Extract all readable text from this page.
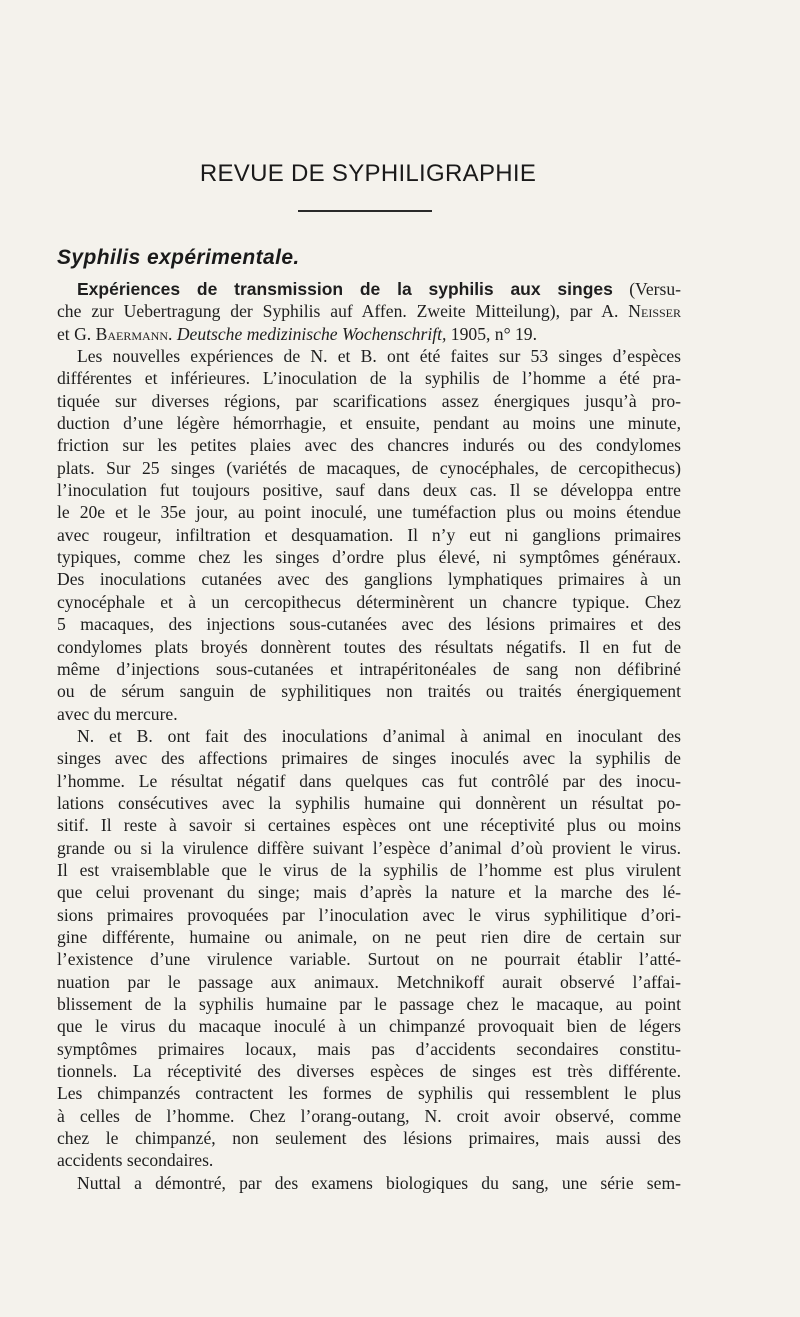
REVUE DE SYPHILIGRAPHIE
Syphilis expérimentale.
Expériences de transmission de la syphilis aux singes (Versu-
che zur Uebertragung der Syphilis auf Affen. Zweite Mitteilung), par A. Neisser
et G. Baermann. Deutsche medizinische Wochenschrift, 1905, n° 19.
Les nouvelles expériences de N. et B. ont été faites sur 53 singes d’espèces
différentes et inférieures. L’inoculation de la syphilis de l’homme a été pra-
tiquée sur diverses régions, par scarifications assez énergiques jusqu’à pro-
duction d’une légère hémorrhagie, et ensuite, pendant au moins une minute,
friction sur les petites plaies avec des chancres indurés ou des condylomes
plats. Sur 25 singes (variétés de macaques, de cynocéphales, de cercopithecus)
l’inoculation fut toujours positive, sauf dans deux cas. Il se développa entre
le 20e et le 35e jour, au point inoculé, une tuméfaction plus ou moins étendue
avec rougeur, infiltration et desquamation. Il n’y eut ni ganglions primaires
typiques, comme chez les singes d’ordre plus élevé, ni symptômes généraux.
Des inoculations cutanées avec des ganglions lymphatiques primaires à un
cynocéphale et à un cercopithecus déterminèrent un chancre typique. Chez
5 macaques, des injections sous-cutanées avec des lésions primaires et des
condylomes plats broyés donnèrent toutes des résultats négatifs. Il en fut de
même d’injections sous-cutanées et intrapéritonéales de sang non défibriné
ou de sérum sanguin de syphilitiques non traités ou traités énergiquement
avec du mercure.
N. et B. ont fait des inoculations d’animal à animal en inoculant des
singes avec des affections primaires de singes inoculés avec la syphilis de
l’homme. Le résultat négatif dans quelques cas fut contrôlé par des inocu-
lations consécutives avec la syphilis humaine qui donnèrent un résultat po-
sitif. Il reste à savoir si certaines espèces ont une réceptivité plus ou moins
grande ou si la virulence diffère suivant l’espèce d’animal d’où provient le virus.
Il est vraisemblable que le virus de la syphilis de l’homme est plus virulent
que celui provenant du singe; mais d’après la nature et la marche des lé-
sions primaires provoquées par l’inoculation avec le virus syphilitique d’ori-
gine différente, humaine ou animale, on ne peut rien dire de certain sur
l’existence d’une virulence variable. Surtout on ne pourrait établir l’atté-
nuation par le passage aux animaux. Metchnikoff aurait observé l’affai-
blissement de la syphilis humaine par le passage chez le macaque, au point
que le virus du macaque inoculé à un chimpanzé provoquait bien de légers
symptômes primaires locaux, mais pas d’accidents secondaires constitu-
tionnels. La réceptivité des diverses espèces de singes est très différente.
Les chimpanzés contractent les formes de syphilis qui ressemblent le plus
à celles de l’homme. Chez l’orang-outang, N. croit avoir observé, comme
chez le chimpanzé, non seulement des lésions primaires, mais aussi des
accidents secondaires.
Nuttal a démontré, par des examens biologiques du sang, une série sem-
